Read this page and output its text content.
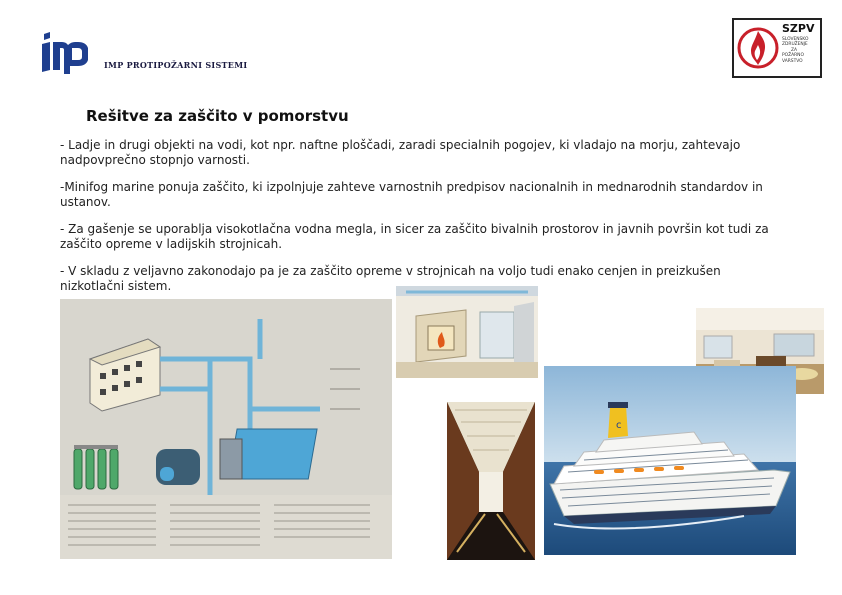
IMP PROTIPOŽARNI SISTEMI
SZPV
SLOVENSKO
ZDRUŽENJE
ZA
POŽARNO
VARSTVO
Rešitve za zaščito v pomorstvu
- Ladje in drugi objekti na vodi, kot npr. naftne ploščadi, zaradi specialnih pogojev, ki vladajo na morju, zahtevajo nadpovprečno stopnjo varnosti.
-Minifog marine ponuja zaščito, ki izpolnjuje zahteve varnostnih predpisov nacionalnih in mednarodnih standardov in ustanov.
- Za gašenje se uporablja visokotlačna vodna megla, in sicer za zaščito bivalnih prostorov in javnih površin kot tudi za zaščito opreme v ladijskih strojnicah.
- V skladu z veljavno zakonodajo pa je za zaščito opreme v strojnicah na voljo tudi enako cenjen in preizkušen nizkotlačni sistem.
c
